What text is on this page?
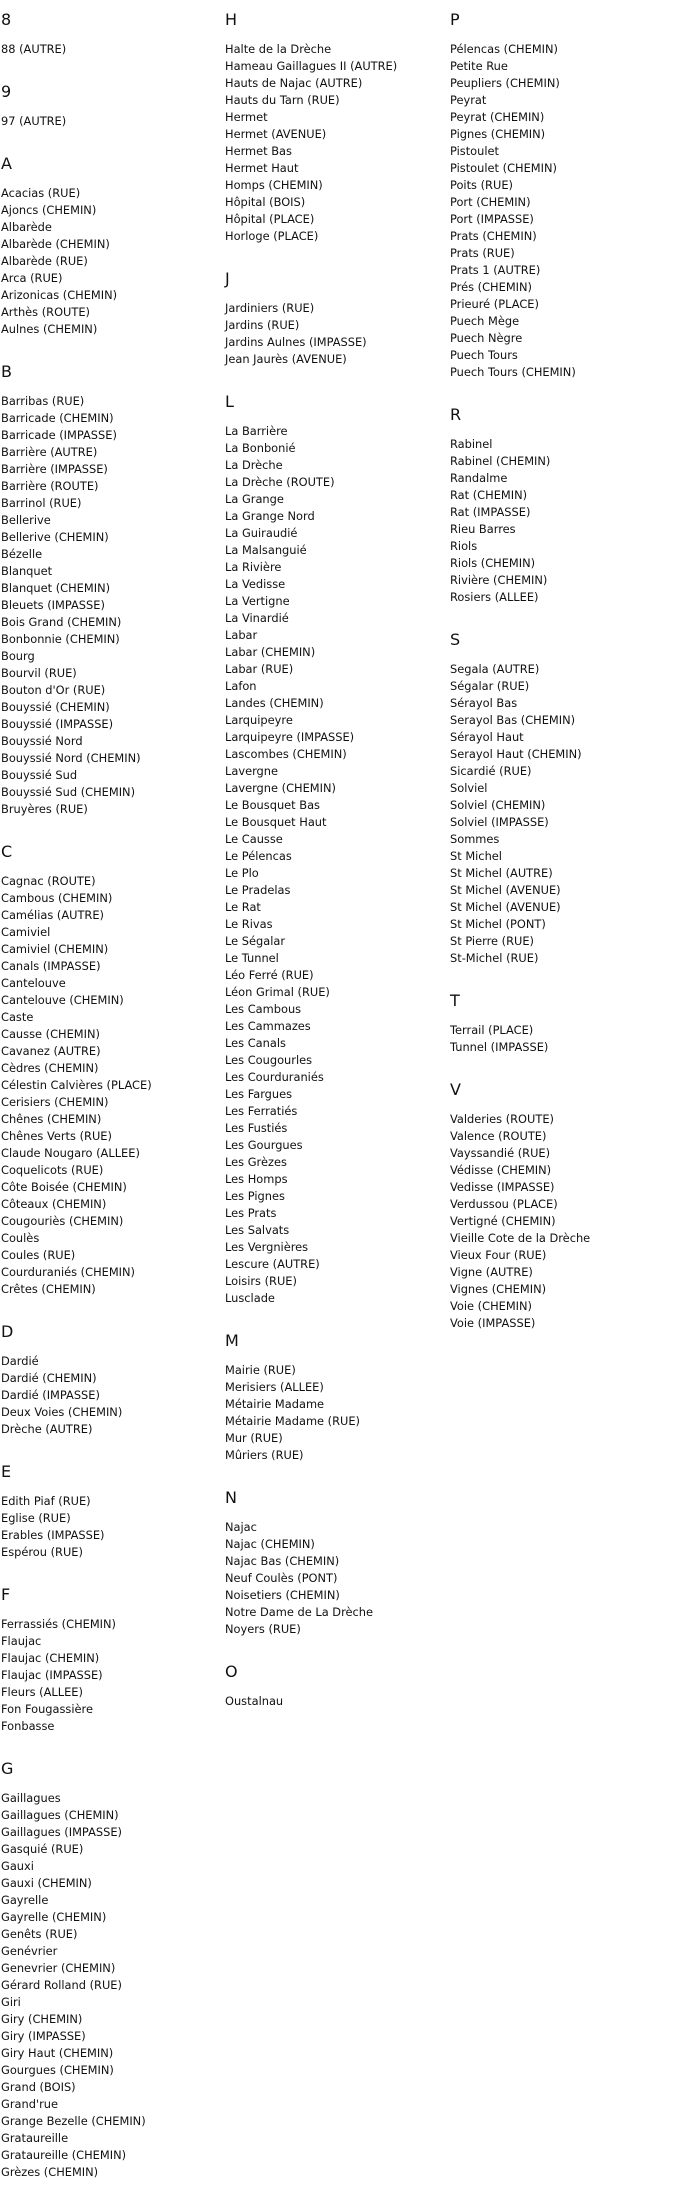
8
88 (AUTRE)
9
97 (AUTRE)
A
Acacias (RUE)
Ajoncs (CHEMIN)
Albarède
Albarède (CHEMIN)
Albarède (RUE)
Arca (RUE)
Arizonicas (CHEMIN)
Arthès (ROUTE)
Aulnes (CHEMIN)
B
Barribas (RUE)
Barricade (CHEMIN)
Barricade (IMPASSE)
Barrière (AUTRE)
Barrière (IMPASSE)
Barrière (ROUTE)
Barrinol (RUE)
Bellerive
Bellerive (CHEMIN)
Bézelle
Blanquet
Blanquet (CHEMIN)
Bleuets (IMPASSE)
Bois Grand (CHEMIN)
Bonbonnie (CHEMIN)
Bourg
Bourvil (RUE)
Bouton d'Or (RUE)
Bouyssié (CHEMIN)
Bouyssié (IMPASSE)
Bouyssié Nord
Bouyssié Nord (CHEMIN)
Bouyssié Sud
Bouyssié Sud (CHEMIN)
Bruyères (RUE)
C
Cagnac (ROUTE)
Cambous (CHEMIN)
Camélias (AUTRE)
Camiviel
Camiviel (CHEMIN)
Canals (IMPASSE)
Cantelouve
Cantelouve (CHEMIN)
Caste
Causse (CHEMIN)
Cavanez (AUTRE)
Cèdres (CHEMIN)
Célestin Calvières (PLACE)
Cerisiers (CHEMIN)
Chênes (CHEMIN)
Chênes Verts (RUE)
Claude Nougaro (ALLEE)
Coquelicots (RUE)
Côte Boisée (CHEMIN)
Côteaux (CHEMIN)
Cougouriès (CHEMIN)
Coulès
Coules (RUE)
Courduraniés (CHEMIN)
Crêtes (CHEMIN)
D
Dardié
Dardié (CHEMIN)
Dardié (IMPASSE)
Deux Voies (CHEMIN)
Drèche (AUTRE)
E
Edith Piaf (RUE)
Eglise (RUE)
Erables (IMPASSE)
Espérou (RUE)
F
Ferrassiés (CHEMIN)
Flaujac
Flaujac (CHEMIN)
Flaujac (IMPASSE)
Fleurs (ALLEE)
Fon Fougassière
Fonbasse
G
Gaillagues
Gaillagues (CHEMIN)
Gaillagues (IMPASSE)
Gasquié (RUE)
Gauxi
Gauxi (CHEMIN)
Gayrelle
Gayrelle (CHEMIN)
Genêts (RUE)
Genévrier
Genevrier (CHEMIN)
Gérard Rolland (RUE)
Giri
Giry (CHEMIN)
Giry (IMPASSE)
Giry Haut (CHEMIN)
Gourgues (CHEMIN)
Grand (BOIS)
Grand'rue
Grange Bezelle (CHEMIN)
Grataureille
Grataureille (CHEMIN)
Grèzes (CHEMIN)
H
Halte de la Drèche
Hameau Gaillagues II (AUTRE)
Hauts de Najac (AUTRE)
Hauts du Tarn (RUE)
Hermet
Hermet (AVENUE)
Hermet Bas
Hermet Haut
Homps (CHEMIN)
Hôpital (BOIS)
Hôpital (PLACE)
Horloge (PLACE)
J
Jardiniers (RUE)
Jardins (RUE)
Jardins Aulnes (IMPASSE)
Jean Jaurès (AVENUE)
L
La Barrière
La Bonbonié
La Drèche
La Drèche (ROUTE)
La Grange
La Grange Nord
La Guiraudié
La Malsanguié
La Rivière
La Vedisse
La Vertigne
La Vinardié
Labar
Labar (CHEMIN)
Labar (RUE)
Lafon
Landes (CHEMIN)
Larquipeyre
Larquipeyre (IMPASSE)
Lascombes (CHEMIN)
Lavergne
Lavergne (CHEMIN)
Le Bousquet Bas
Le Bousquet Haut
Le Causse
Le Pélencas
Le Plo
Le Pradelas
Le Rat
Le Rivas
Le Ségalar
Le Tunnel
Léo Ferré (RUE)
Léon Grimal (RUE)
Les Cambous
Les Cammazes
Les Canals
Les Cougourles
Les Courduraniés
Les Fargues
Les Ferratiés
Les Fustiés
Les Gourgues
Les Grèzes
Les Homps
Les Pignes
Les Prats
Les Salvats
Les Vergnières
Lescure (AUTRE)
Loisirs (RUE)
Lusclade
M
Mairie (RUE)
Merisiers (ALLEE)
Métairie Madame
Métairie Madame (RUE)
Mur (RUE)
Mûriers (RUE)
N
Najac
Najac (CHEMIN)
Najac Bas (CHEMIN)
Neuf Coulès (PONT)
Noisetiers (CHEMIN)
Notre Dame de La Drèche
Noyers (RUE)
O
Oustalnau
P
Pélencas (CHEMIN)
Petite Rue
Peupliers (CHEMIN)
Peyrat
Peyrat (CHEMIN)
Pignes (CHEMIN)
Pistoulet
Pistoulet (CHEMIN)
Poits (RUE)
Port (CHEMIN)
Port (IMPASSE)
Prats (CHEMIN)
Prats (RUE)
Prats 1 (AUTRE)
Prés (CHEMIN)
Prieuré (PLACE)
Puech Mège
Puech Nègre
Puech Tours
Puech Tours (CHEMIN)
R
Rabinel
Rabinel (CHEMIN)
Randalme
Rat (CHEMIN)
Rat (IMPASSE)
Rieu Barres
Riols
Riols (CHEMIN)
Rivière (CHEMIN)
Rosiers (ALLEE)
S
Segala (AUTRE)
Ségalar (RUE)
Sérayol Bas
Serayol Bas (CHEMIN)
Sérayol Haut
Serayol Haut (CHEMIN)
Sicardié (RUE)
Solviel
Solviel (CHEMIN)
Solviel (IMPASSE)
Sommes
St Michel
St Michel (AUTRE)
St Michel (AVENUE)
St Michel (AVENUE)
St Michel (PONT)
St Pierre (RUE)
St-Michel (RUE)
T
Terrail (PLACE)
Tunnel (IMPASSE)
V
Valderies (ROUTE)
Valence (ROUTE)
Vayssandié (RUE)
Védisse (CHEMIN)
Vedisse (IMPASSE)
Verdussou (PLACE)
Vertigné (CHEMIN)
Vieille Cote de la Drèche
Vieux Four (RUE)
Vigne (AUTRE)
Vignes (CHEMIN)
Voie (CHEMIN)
Voie (IMPASSE)
